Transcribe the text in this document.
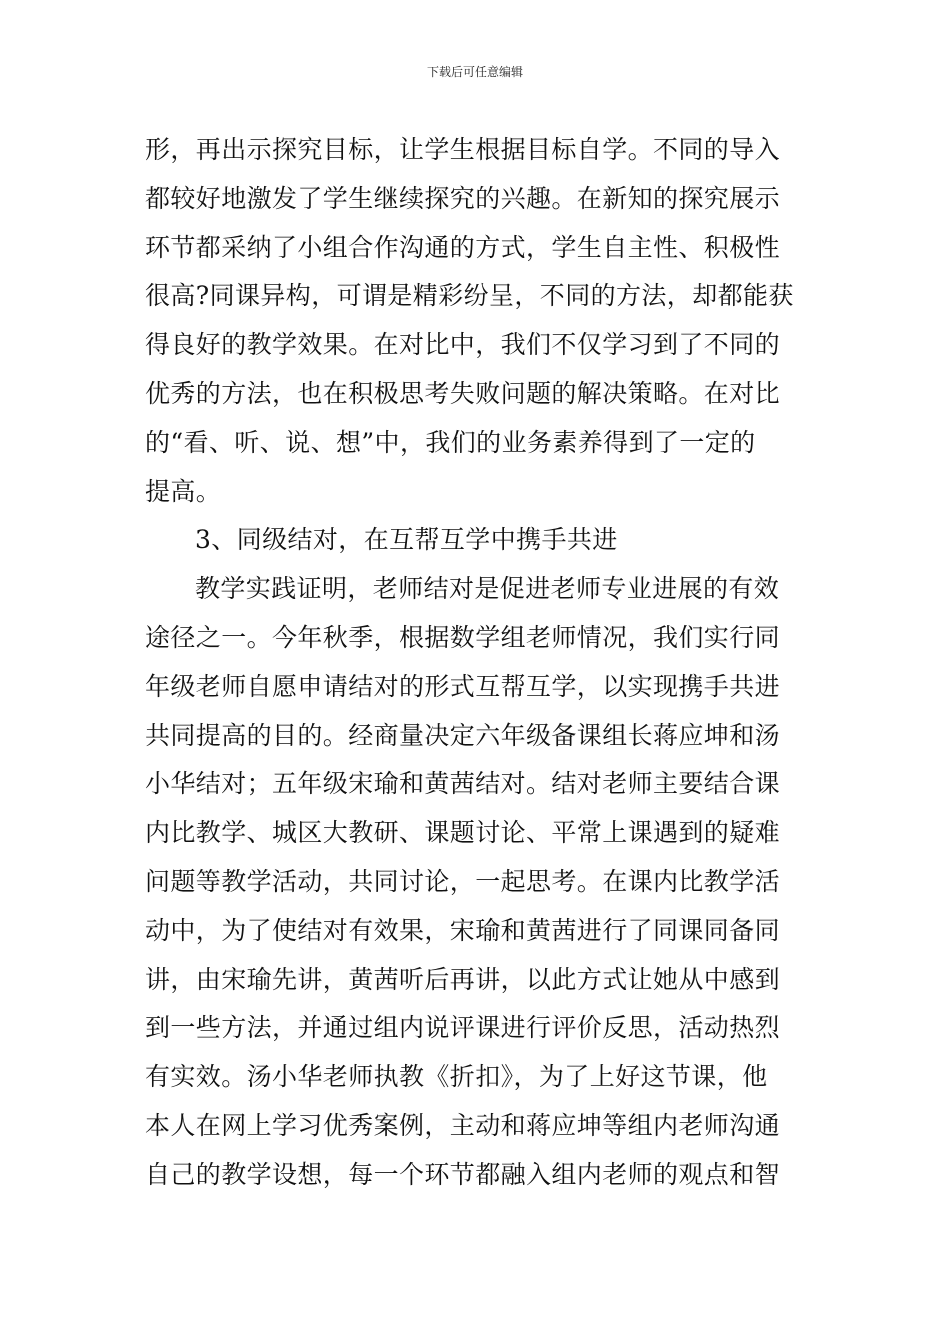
下载后可任意编辑
形，再出示探究目标，让学生根据目标自学。不同的导入
都较好地激发了学生继续探究的兴趣。在新知的探究展示
环节都采纳了小组合作沟通的方式，学生自主性、积极性
很高?同课异构，可谓是精彩纷呈，不同的方法，却都能获
得良好的教学效果。在对比中，我们不仅学习到了不同的
优秀的方法，也在积极思考失败问题的解决策略。在对比
的“看、听、说、想”中，我们的业务素养得到了一定的
提高。
3、同级结对，在互帮互学中携手共进
教学实践证明，老师结对是促进老师专业进展的有效
途径之一。今年秋季，根据数学组老师情况，我们实行同
年级老师自愿申请结对的形式互帮互学，以实现携手共进
共同提高的目的。经商量决定六年级备课组长蒋应坤和汤
小华结对；五年级宋瑜和黄茜结对。结对老师主要结合课
内比教学、城区大教研、课题讨论、平常上课遇到的疑难
问题等教学活动，共同讨论，一起思考。在课内比教学活
动中，为了使结对有效果，宋瑜和黄茜进行了同课同备同
讲，由宋瑜先讲，黄茜听后再讲，以此方式让她从中感到
到一些方法，并通过组内说评课进行评价反思，活动热烈
有实效。汤小华老师执教《折扣》，为了上好这节课，他
本人在网上学习优秀案例，主动和蒋应坤等组内老师沟通
自己的教学设想，每一个环节都融入组内老师的观点和智
